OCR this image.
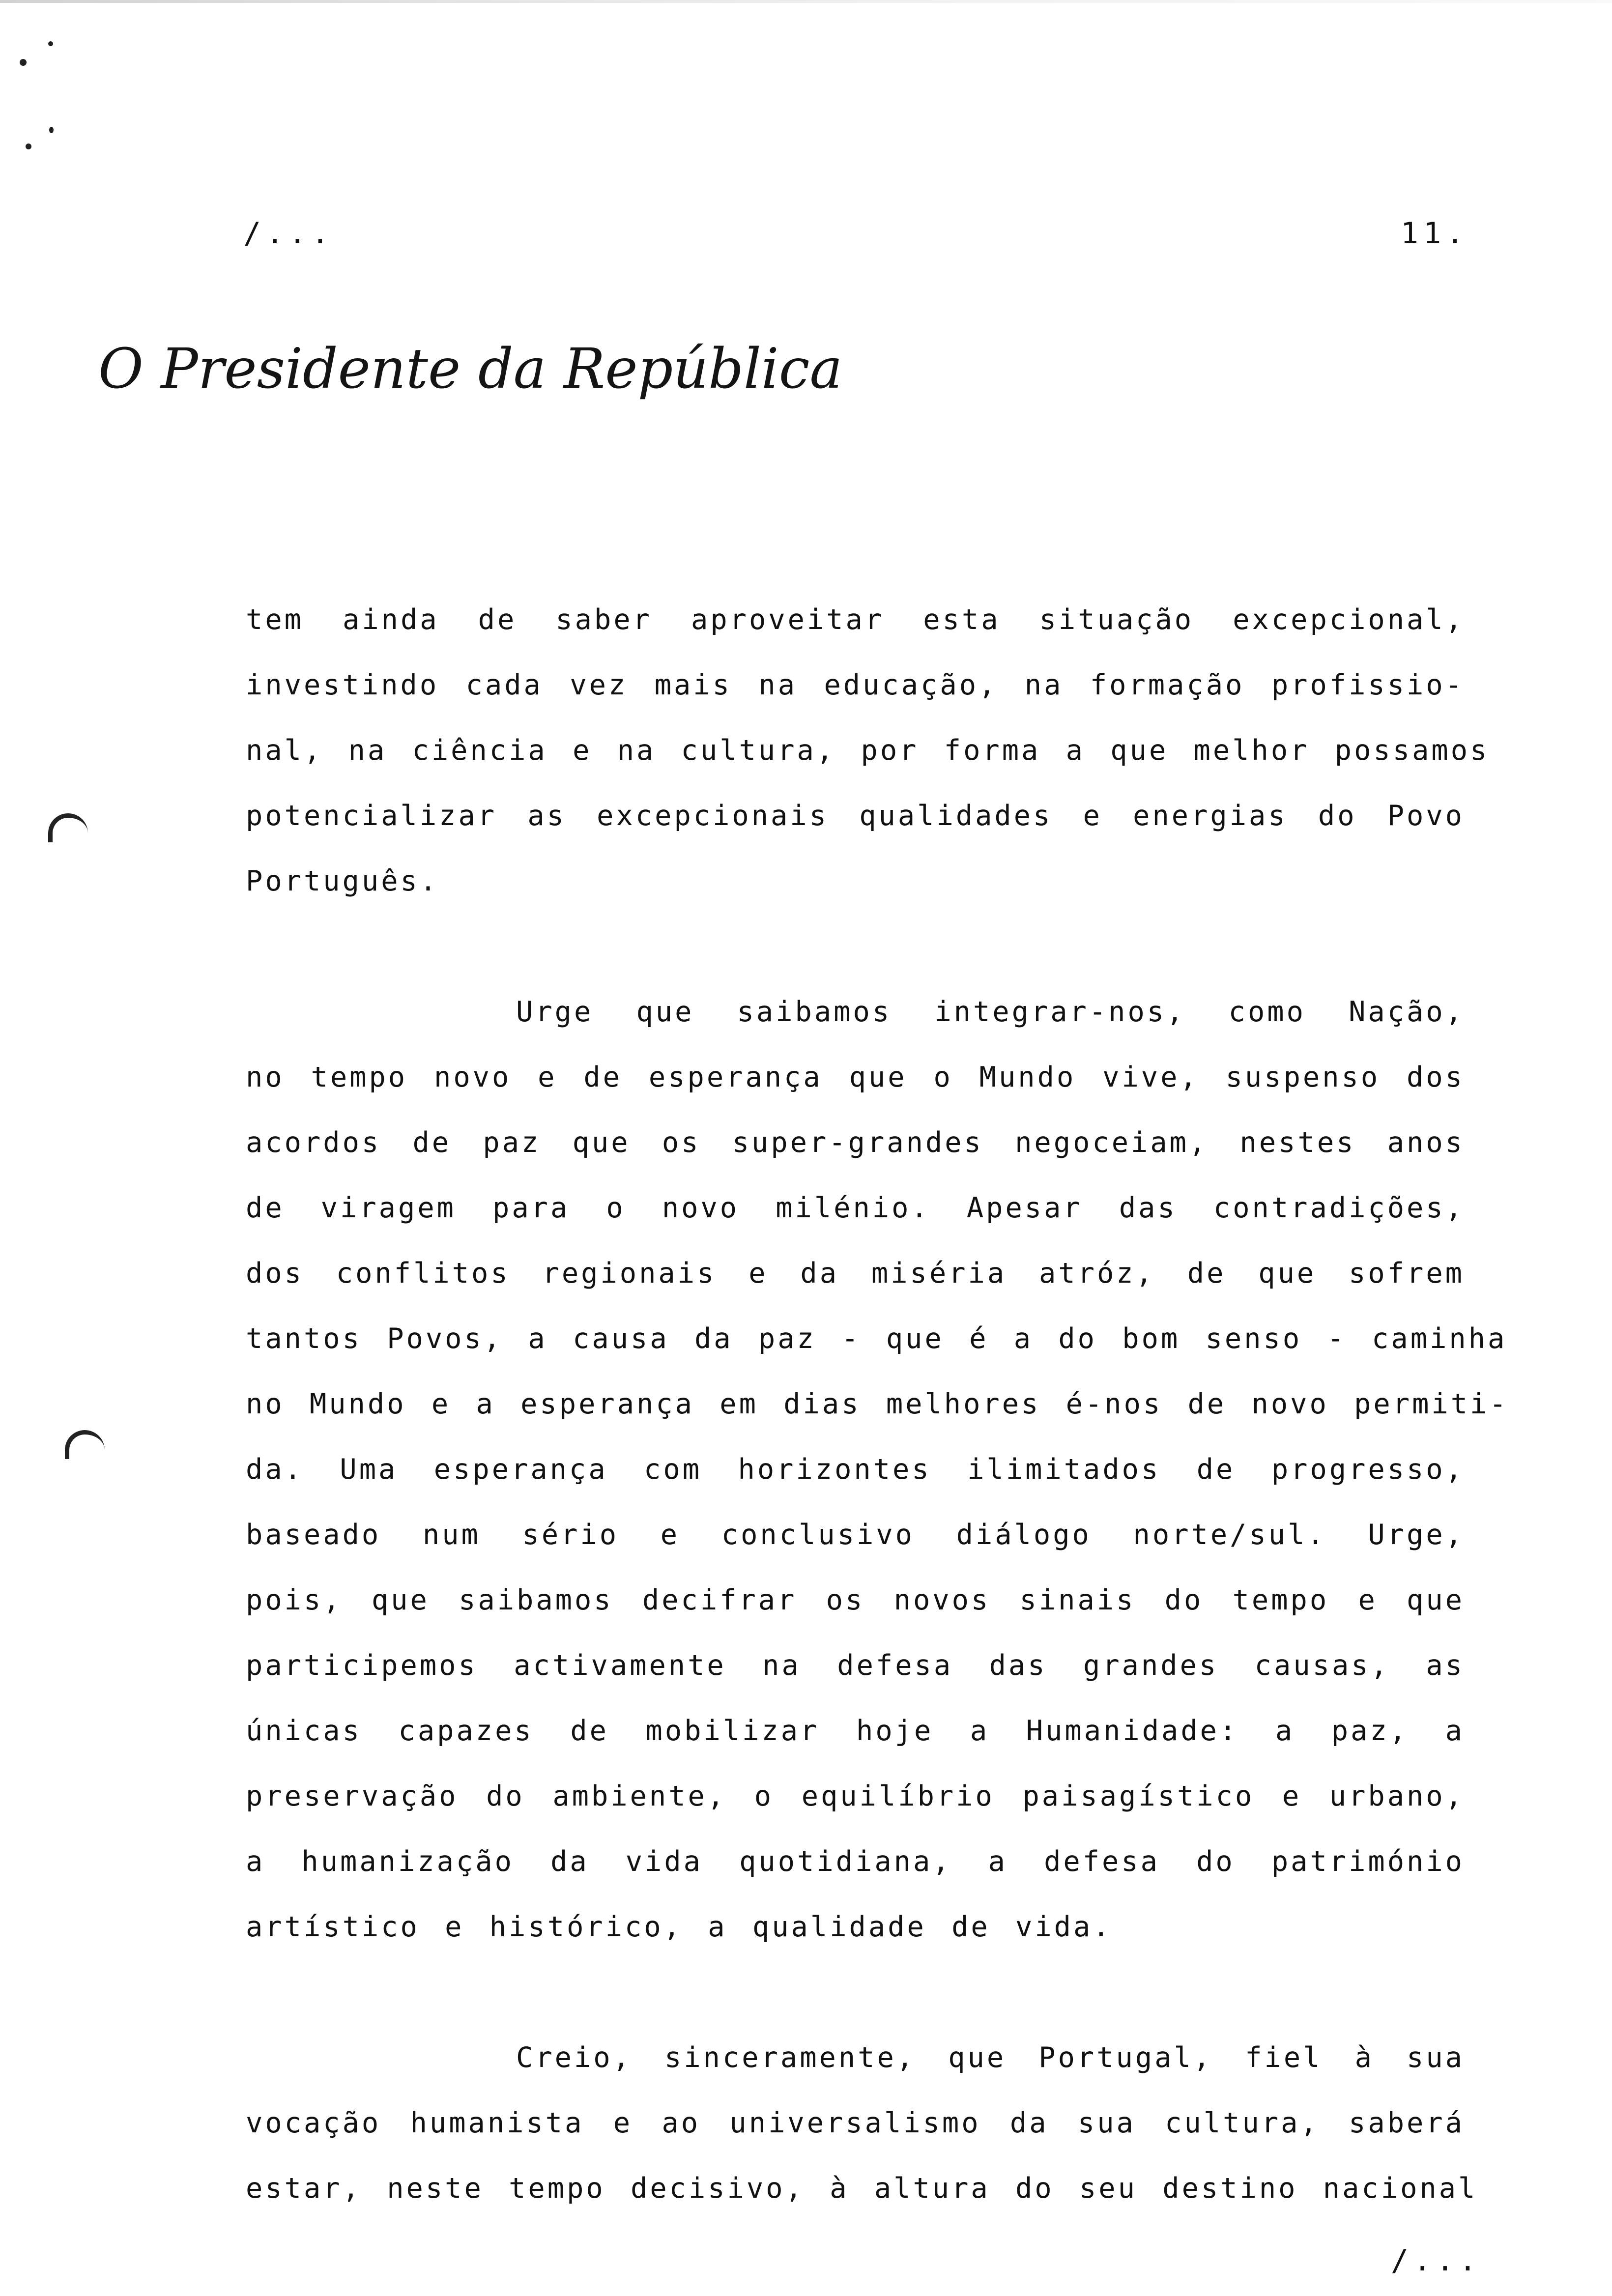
/...	11.
O Presidente da República
tem ainda de saber aproveitar esta situação excepcional,
investindo cada vez mais na educação, na formação profissio-
nal, na ciência e na cultura, por forma a que melhor possamos
potencializar as excepcionais qualidades e energias do Povo
Português.
Urge que saibamos integrar-nos, como Nação,
no tempo novo e de esperança que o Mundo vive, suspenso dos
acordos de paz que os super-grandes negoceiam, nestes anos
de viragem para o novo milénio. Apesar das contradições,
dos conflitos regionais e da miséria atróz, de que sofrem
tantos Povos, a causa da paz - que é a do bom senso - caminha
no Mundo e a esperança em dias melhores é-nos de novo permiti-
da. Uma esperança com horizontes ilimitados de progresso,
baseado num sério e conclusivo diálogo norte/sul. Urge,
pois, que saibamos decifrar os novos sinais do tempo e que
participemos activamente na defesa das grandes causas, as
únicas capazes de mobilizar hoje a Humanidade: a paz, a
preservação do ambiente, o equilíbrio paisagístico e urbano,
a humanização da vida quotidiana, a defesa do património
artístico e histórico, a qualidade de vida.
Creio, sinceramente, que Portugal, fiel à sua
vocação humanista e ao universalismo da sua cultura, saberá
estar, neste tempo decisivo, à altura do seu destino nacional
/...
